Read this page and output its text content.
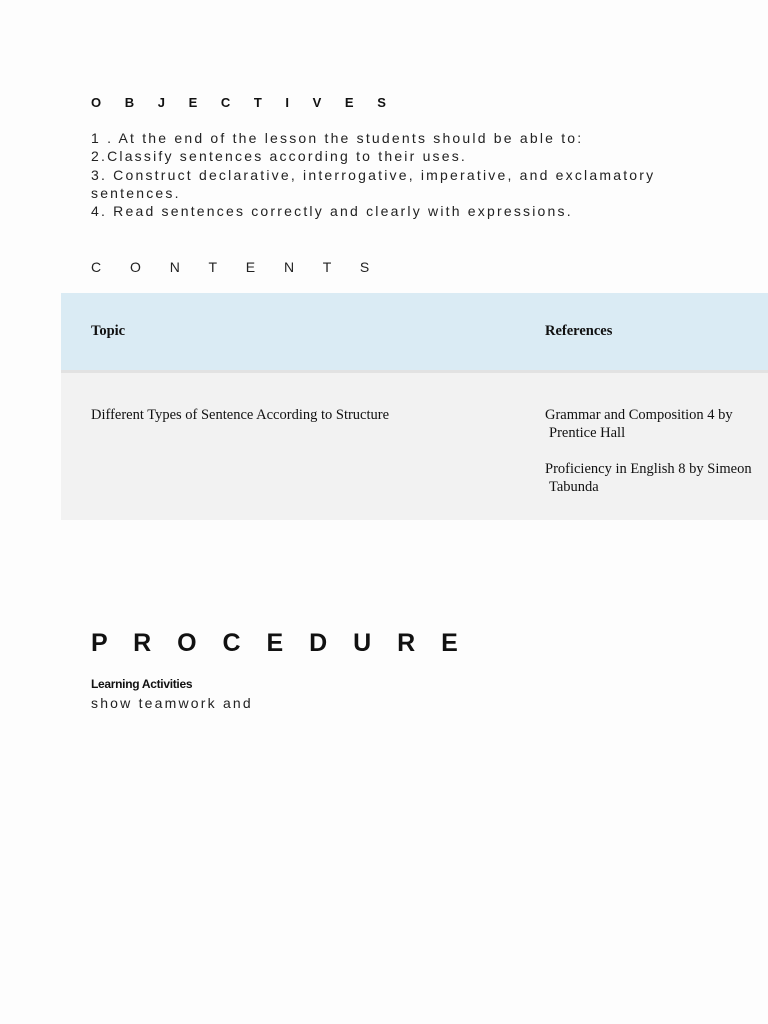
O B J E C T I V E S
1 . At the end of the lesson the students should be able to:
2.Classify sentences according to their uses.
3. Construct declarative, interrogative, imperative, and exclamatory sentences.
4. Read sentences correctly and clearly with expressions.
C O N T E N T S
Topic	References
Different Types of Sentence According to Structure	Grammar and Composition 4 by
Prentice Hall
Proficiency in English 8 by Simeon
Tabunda
P R O C E D U R E
Learning Activities
show teamwork and
